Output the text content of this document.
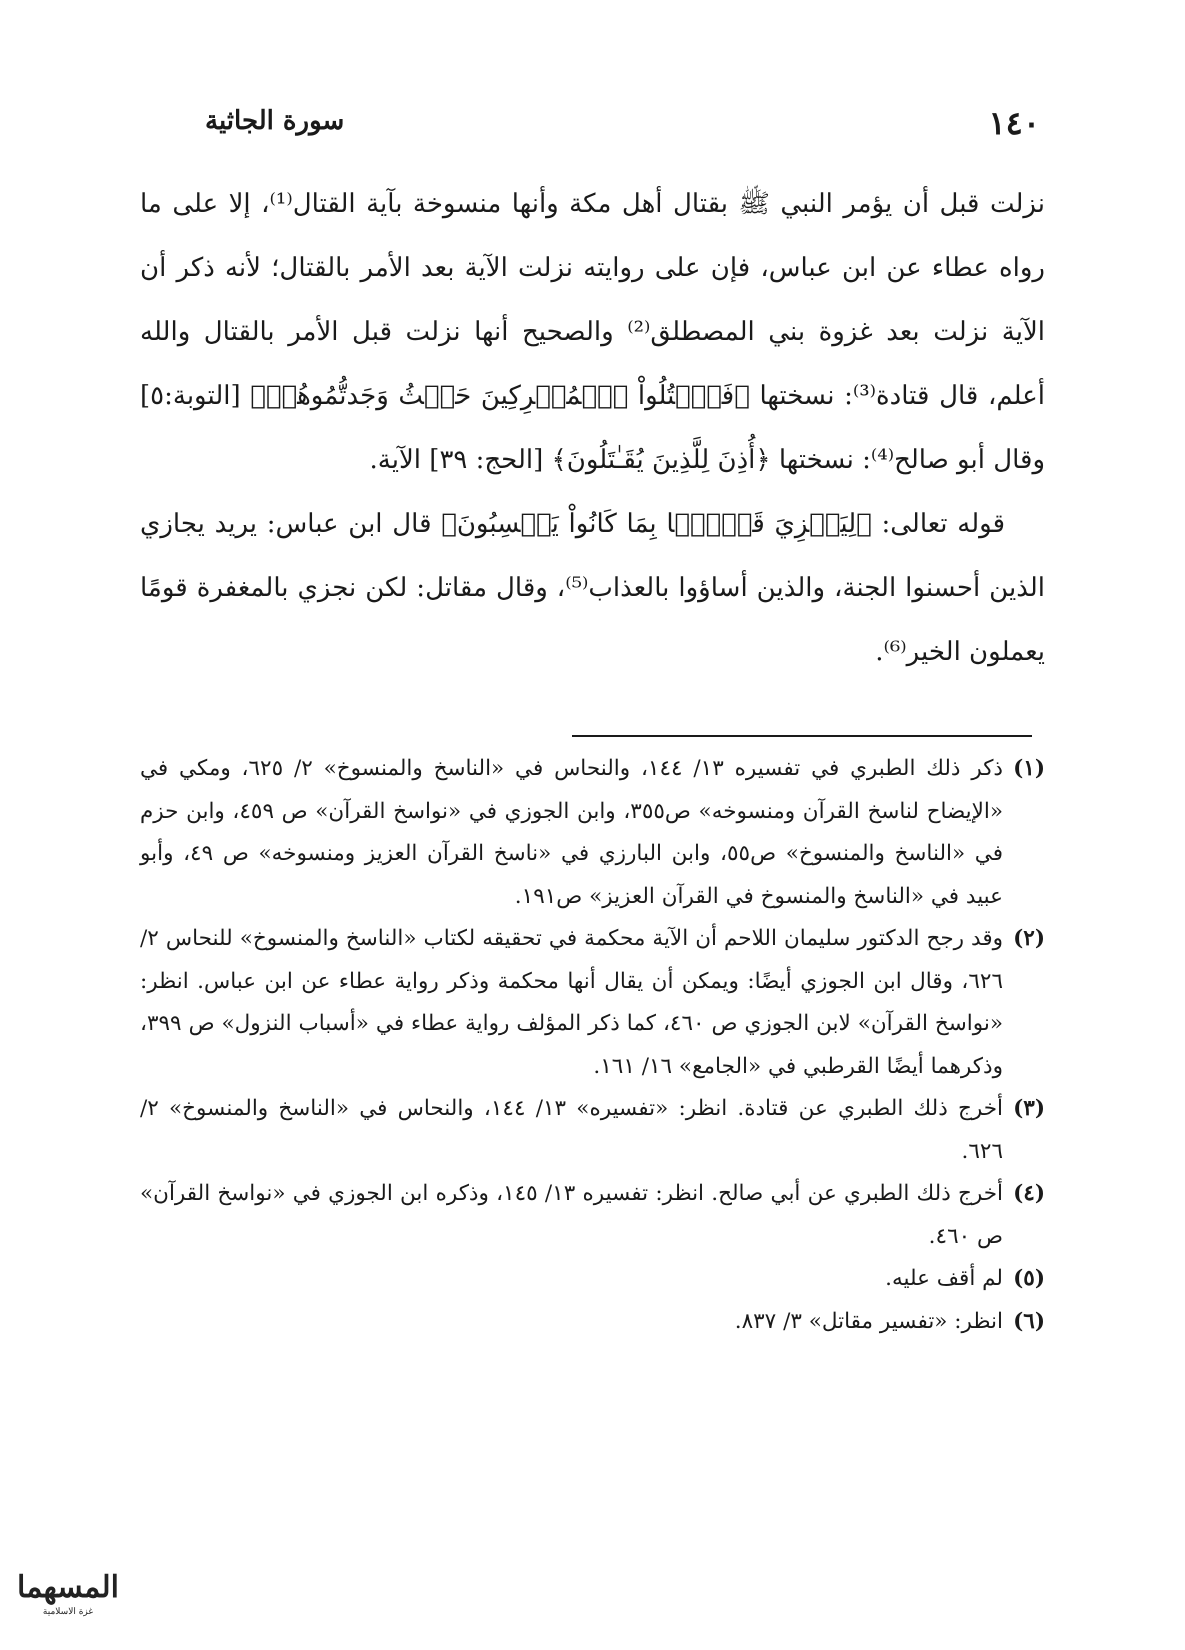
١٤٠
سورة الجاثية

نزلت قبل أن يؤمر النبي ﷺ بقتال أهل مكة وأنها منسوخة بآية القتال⁽¹⁾، إلا على ما رواه عطاء عن ابن عباس، فإن على روايته نزلت الآية بعد الأمر بالقتال؛ لأنه ذكر أن الآية نزلت بعد غزوة بني المصطلق⁽²⁾ والصحيح أنها نزلت قبل الأمر بالقتال والله أعلم، قال قتادة⁽³⁾: نسختها ﴿فَٱقۡتُلُواْ ٱلۡمُشۡرِكِينَ حَيۡثُ وَجَدتُّمُوهُمۡ﴾ [التوبة:٥] وقال أبو صالح⁽⁴⁾: نسختها ﴿أُذِنَ لِلَّذِينَ يُقَـٰتَلُونَ﴾ [الحج: ٣٩] الآية.

قوله تعالى: ﴿لِيَجۡزِيَ قَوۡمَۢا بِمَا كَانُواْ يَكۡسِبُونَ﴾ قال ابن عباس: يريد يجازي الذين أحسنوا الجنة، والذين أساؤوا بالعذاب⁽⁵⁾، وقال مقاتل: لكن نجزي بالمغفرة قومًا يعملون الخير⁽⁶⁾.

(١)
ذكر ذلك الطبري في تفسيره ١٣/ ١٤٤، والنحاس في «الناسخ والمنسوخ» ٢/ ٦٢٥، ومكي في «الإيضاح لناسخ القرآن ومنسوخه» ص٣٥٥، وابن الجوزي في «نواسخ القرآن» ص ٤٥٩، وابن حزم في «الناسخ والمنسوخ» ص٥٥، وابن البارزي في «ناسخ القرآن العزيز ومنسوخه» ص ٤٩، وأبو عبيد في «الناسخ والمنسوخ في القرآن العزيز» ص١٩١.

(٢)
وقد رجح الدكتور سليمان اللاحم أن الآية محكمة في تحقيقه لكتاب «الناسخ والمنسوخ» للنحاس ٢/ ٦٢٦، وقال ابن الجوزي أيضًا: ويمكن أن يقال أنها محكمة وذكر رواية عطاء عن ابن عباس. انظر: «نواسخ القرآن» لابن الجوزي ص ٤٦٠، كما ذكر المؤلف رواية عطاء في «أسباب النزول» ص ٣٩٩، وذكرهما أيضًا القرطبي في «الجامع» ١٦/ ١٦١.

(٣)
أخرج ذلك الطبري عن قتادة. انظر: «تفسيره» ١٣/ ١٤٤، والنحاس في «الناسخ والمنسوخ» ٢/ ٦٢٦.

(٤)
أخرج ذلك الطبري عن أبي صالح. انظر: تفسيره ١٣/ ١٤٥، وذكره ابن الجوزي في «نواسخ القرآن» ص ٤٦٠.

(٥)
لم أقف عليه.

(٦)
انظر: «تفسير مقاتل» ٣/ ٨٣٧.

المسهما
غزة الاسلامية
